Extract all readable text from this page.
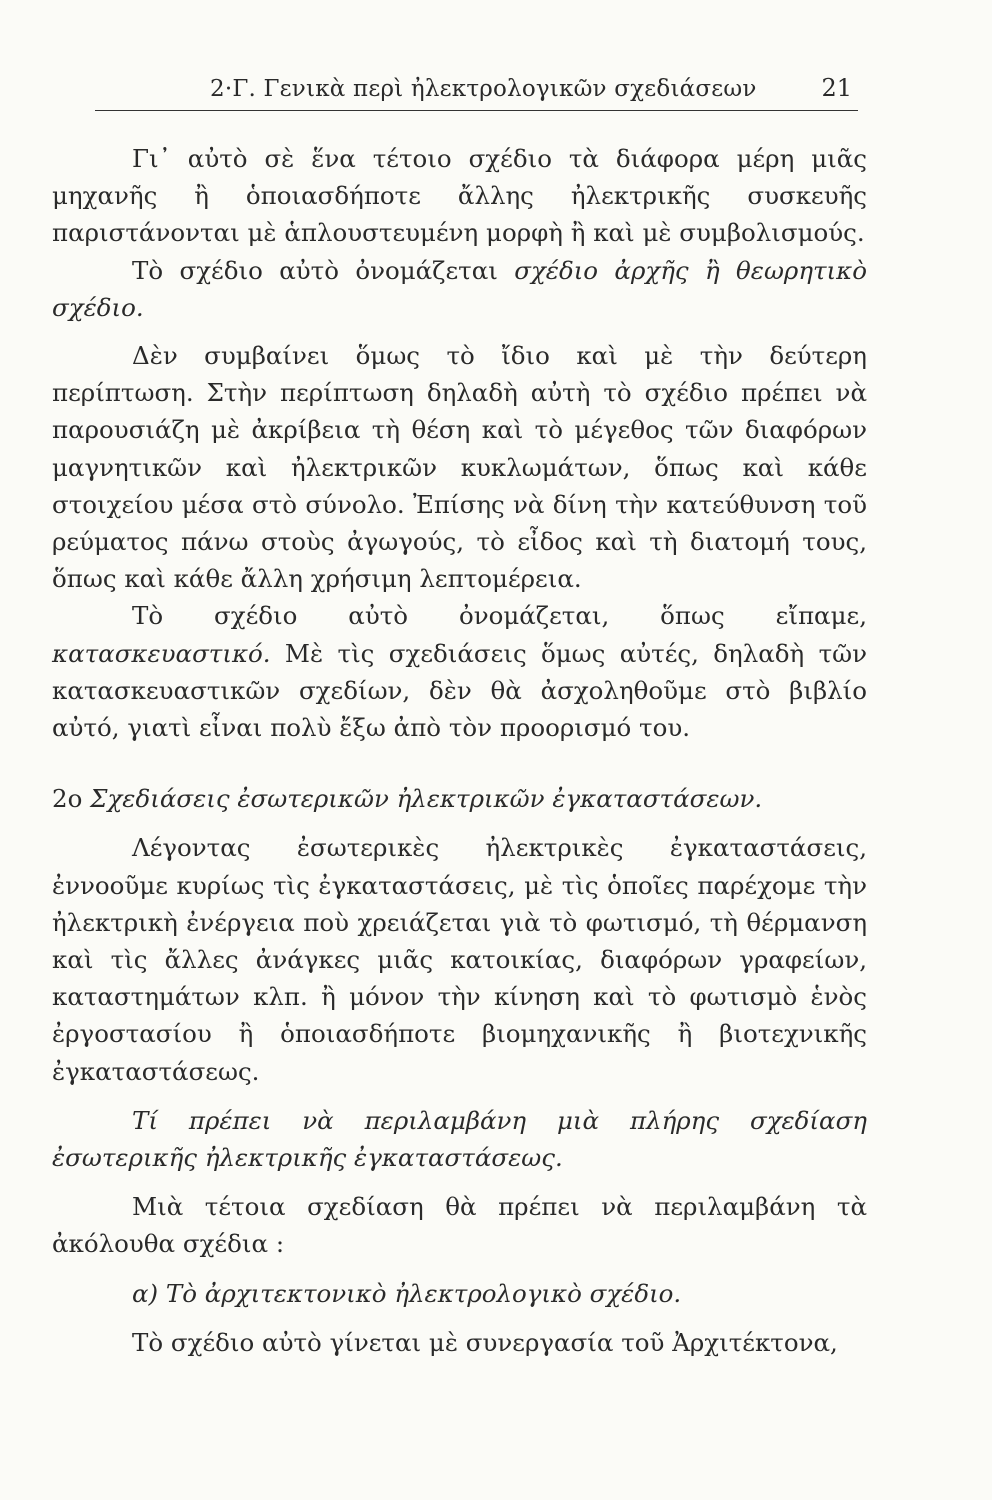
2·Γ. Γενικὰ περὶ ἠλεκτρολογικῶν σχεδιάσεων	21

Γι᾽ αὐτὸ σὲ ἕνα τέτοιο σχέδιο τὰ διάφορα μέρη μιᾶς μηχανῆς ἢ ὁποιασδήποτε ἄλλης ἠλεκτρικῆς συσκευῆς παριστάνονται μὲ ἁπλουστευμένη μορφὴ ἢ καὶ μὲ συμβολισμούς.

Τὸ σχέδιο αὐτὸ ὀνομάζεται σχέδιο ἀρχῆς ἢ θεωρητικὸ σχέδιο.

Δὲν συμβαίνει ὅμως τὸ ἴδιο καὶ μὲ τὴν δεύτερη περίπτωση. Στὴν περίπτωση δηλαδὴ αὐτὴ τὸ σχέδιο πρέπει νὰ παρουσιάζη μὲ ἀκρίβεια τὴ θέση καὶ τὸ μέγεθος τῶν διαφόρων μαγνητικῶν καὶ ἠλεκτρικῶν κυκλωμάτων, ὅπως καὶ κάθε στοιχείου μέσα στὸ σύνολο. Ἐπίσης νὰ δίνη τὴν κατεύθυνση τοῦ ρεύματος πάνω στοὺς ἀγωγούς, τὸ εἶδος καὶ τὴ διατομή τους, ὅπως καὶ κάθε ἄλλη χρήσιμη λεπτομέρεια.

Τὸ σχέδιο αὐτὸ ὀνομάζεται, ὅπως εἴπαμε, κατασκευαστικό. Μὲ τὶς σχεδιάσεις ὅμως αὐτές, δηλαδὴ τῶν κατασκευαστικῶν σχεδίων, δὲν θὰ ἀσχοληθοῦμε στὸ βιβλίο αὐτό, γιατὶ εἶναι πολὺ ἔξω ἀπὸ τὸν προορισμό του.

2ο Σχεδιάσεις ἐσωτερικῶν ἠλεκτρικῶν ἐγκαταστάσεων.

Λέγοντας ἐσωτερικὲς ἠλεκτρικὲς ἐγκαταστάσεις, ἐννοοῦμε κυρίως τὶς ἐγκαταστάσεις, μὲ τὶς ὁποῖες παρέχομε τὴν ἠλεκτρικὴ ἐνέργεια ποὺ χρειάζεται γιὰ τὸ φωτισμό, τὴ θέρμανση καὶ τὶς ἄλλες ἀνάγκες μιᾶς κατοικίας, διαφόρων γραφείων, καταστημάτων κλπ. ἢ μόνον τὴν κίνηση καὶ τὸ φωτισμὸ ἑνὸς ἐργοστασίου ἢ ὁποιασδήποτε βιομηχανικῆς ἢ βιοτεχνικῆς ἐγκαταστάσεως.

Τί πρέπει νὰ περιλαμβάνη μιὰ πλήρης σχεδίαση ἐσωτερικῆς ἠλεκτρικῆς ἐγκαταστάσεως.

Μιὰ τέτοια σχεδίαση θὰ πρέπει νὰ περιλαμβάνη τὰ ἀκόλουθα σχέδια :

α) Τὸ ἀρχιτεκτονικὸ ἠλεκτρολογικὸ σχέδιο.

Τὸ σχέδιο αὐτὸ γίνεται μὲ συνεργασία τοῦ Ἀρχιτέκτονα,
